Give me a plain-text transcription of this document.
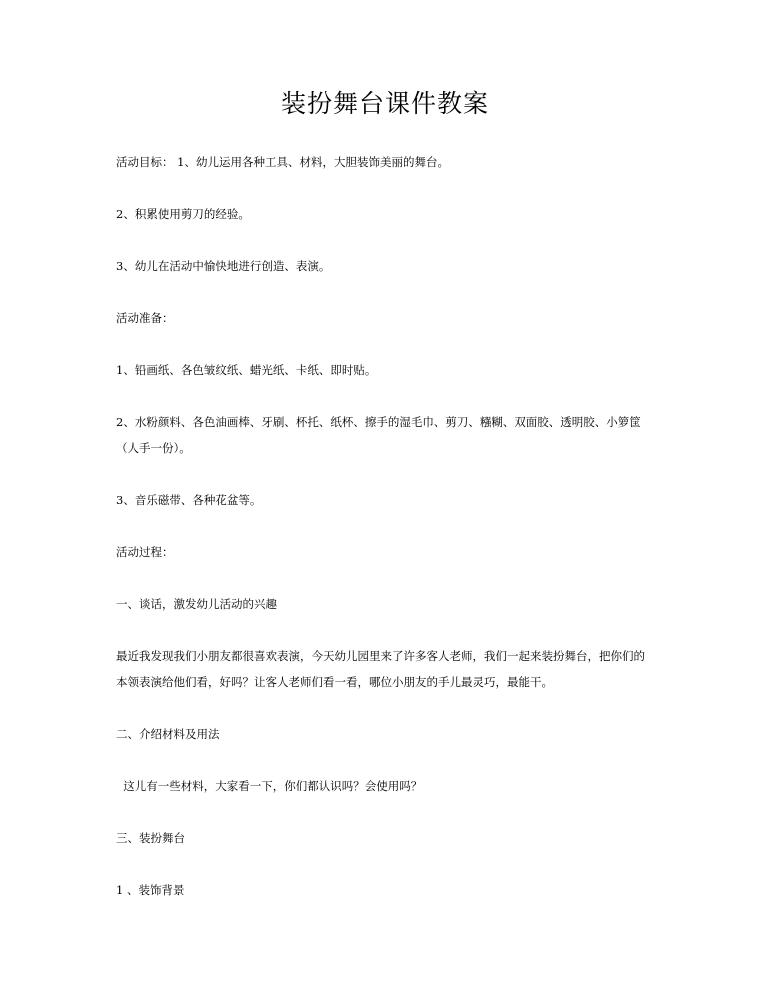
装扮舞台课件教案
活动目标： 1、幼儿运用各种工具、材料，大胆装饰美丽的舞台。
2、积累使用剪刀的经验。
3、幼儿在活动中愉快地进行创造、表演。
活动准备：
1、铅画纸、各色皱纹纸、蜡光纸、卡纸、即时贴。
2、水粉颜料、各色油画棒、牙刷、杯托、纸杯、擦手的湿毛巾、剪刀、糨糊、双面胶、透明胶、小箩筐
（人手一份）。
3、音乐磁带、各种花盆等。
活动过程：
一、谈话，激发幼儿活动的兴趣
最近我发现我们小朋友都很喜欢表演，今天幼儿园里来了许多客人老师，我们一起来装扮舞台，把你们的
本领表演给他们看，好吗？让客人老师们看一看，哪位小朋友的手儿最灵巧，最能干。
二、介绍材料及用法
这儿有一些材料，大家看一下，你们都认识吗？会使用吗？
三、装扮舞台
1 、装饰背景
